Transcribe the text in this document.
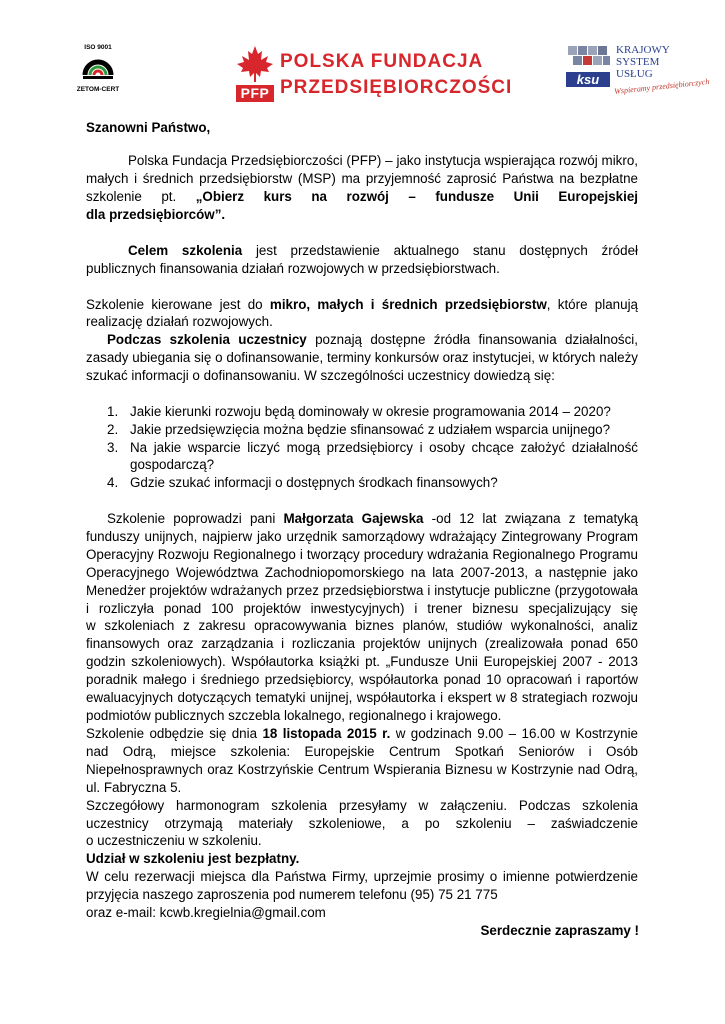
ISO 9001
ZETOM-CERT	PFP
POLSKA FUNDACJA
PRZEDSIĘBIORCZOŚCI	ksu
KRAJOWY
SYSTEM
USŁUG
Wspieramy przedsiębiorczych
Szanowni Państwo,
Polska Fundacja Przedsiębiorczości (PFP) – jako instytucja wspierająca rozwój mikro,
małych i średnich przedsiębiorstw (MSP) ma przyjemność zaprosić Państwa na bezpłatne
szkolenie pt. „Obierz kurs na rozwój – fundusze Unii Europejskiej
dla przedsiębiorców”.
Celem szkolenia jest przedstawienie aktualnego stanu dostępnych źródeł
publicznych finansowania działań rozwojowych w przedsiębiorstwach.
Szkolenie kierowane jest do mikro, małych i średnich przedsiębiorstw, które planują
realizację działań rozwojowych.
Podczas szkolenia uczestnicy poznają dostępne źródła finansowania działalności,
zasady ubiegania się o dofinansowanie, terminy konkursów oraz instytucjei, w których należy
szukać informacji o dofinansowaniu. W szczególności uczestnicy dowiedzą się:
1. Jakie kierunki rozwoju będą dominowały w okresie programowania 2014 – 2020?
2. Jakie przedsięwzięcia można będzie sfinansować z udziałem wsparcia unijnego?
3. Na jakie wsparcie liczyć mogą przedsiębiorcy i osoby chcące założyć działalność
gospodarczą?
4. Gdzie szukać informacji o dostępnych środkach finansowych?
Szkolenie poprowadzi pani Małgorzata Gajewska -od 12 lat związana z tematyką
funduszy unijnych, najpierw jako urzędnik samorządowy wdrażający Zintegrowany Program
Operacyjny Rozwoju Regionalnego i tworzący procedury wdrażania Regionalnego Programu
Operacyjnego Województwa Zachodniopomorskiego na lata 2007-2013, a następnie jako
Menedżer projektów wdrażanych przez przedsiębiorstwa i instytucje publiczne (przygotowała
i rozliczyła ponad 100 projektów inwestycyjnych) i trener biznesu specjalizujący się
w szkoleniach z zakresu opracowywania biznes planów, studiów wykonalności, analiz
finansowych oraz zarządzania i rozliczania projektów unijnych (zrealizowała ponad 650
godzin szkoleniowych). Współautorka książki pt. „Fundusze Unii Europejskiej 2007 - 2013
poradnik małego i średniego przedsiębiorcy, współautorka ponad 10 opracowań i raportów
ewaluacyjnych dotyczących tematyki unijnej, współautorka i ekspert w 8 strategiach rozwoju
podmiotów publicznych szczebla lokalnego, regionalnego i krajowego.
Szkolenie odbędzie się dnia 18 listopada 2015 r. w godzinach 9.00 – 16.00 w Kostrzynie
nad Odrą, miejsce szkolenia: Europejskie Centrum Spotkań Seniorów i Osób
Niepełnosprawnych oraz Kostrzyńskie Centrum Wspierania Biznesu w Kostrzynie nad Odrą,
ul. Fabryczna 5.
Szczegółowy harmonogram szkolenia przesyłamy w załączeniu. Podczas szkolenia
uczestnicy otrzymają materiały szkoleniowe, a po szkoleniu – zaświadczenie
o uczestniczeniu w szkoleniu.
Udział w szkoleniu jest bezpłatny.
W celu rezerwacji miejsca dla Państwa Firmy, uprzejmie prosimy o imienne potwierdzenie
przyjęcia naszego zaproszenia pod numerem telefonu (95) 75 21 775
oraz e-mail: kcwb.kregielnia@gmail.com
Serdecznie zapraszamy !
